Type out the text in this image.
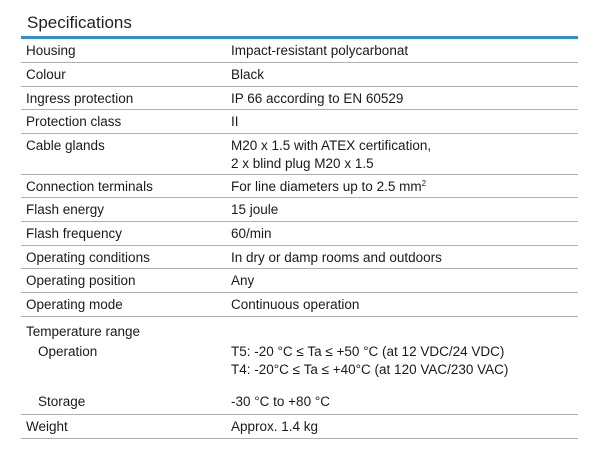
Specifications
Housing	Impact-resistant polycarbonat
Colour	Black
Ingress protection	IP 66 according to EN 60529
Protection class	II
Cable glands	M20 x 1.5 with ATEX certification,
2 x blind plug M20 x 1.5
Connection terminals	For line diameters up to 2.5 $mm^2$
Flash energy	15 joule
Flash frequency	60/min
Operating conditions	In dry or damp rooms and outdoors
Operating position	Any
Operating mode	Continuous operation
Temperature range
Operation	T5: -20 °C ≤ Ta ≤ +50 °C (at 12 VDC/24 VDC)
T4: -20°C ≤ Ta ≤ +40°C (at 120 VAC/230 VAC)
Storage	-30 °C to +80 °C
Weight	Approx. 1.4 kg
